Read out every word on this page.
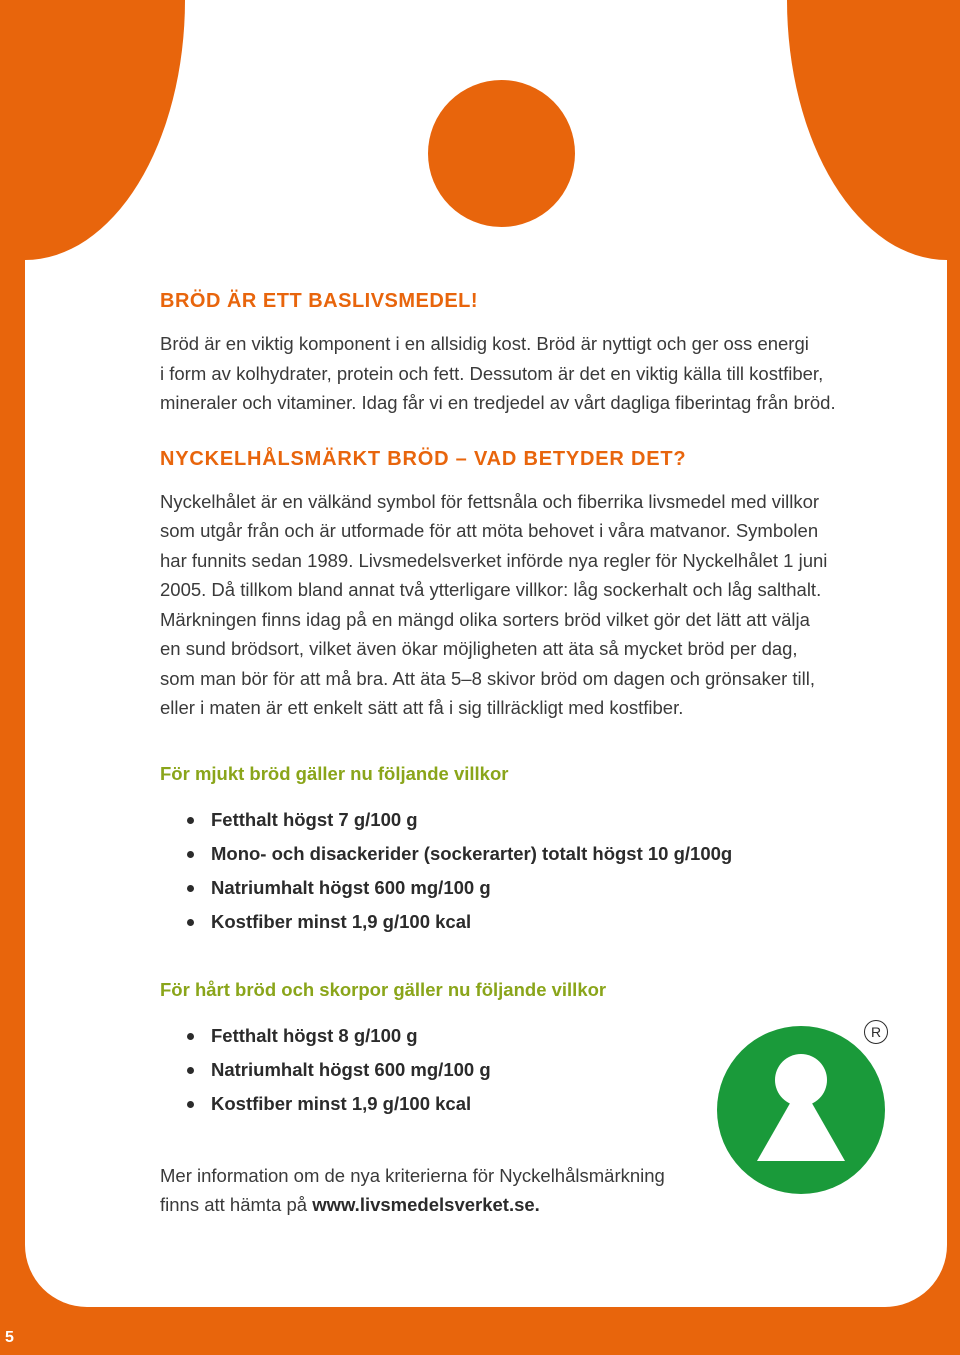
BRÖD ÄR ETT BASLIVSMEDEL!

Bröd är en viktig komponent i en allsidig kost. Bröd är nyttigt och ger oss energi
i form av kolhydrater, protein och fett. Dessutom är det en viktig källa till kostfiber,
mineraler och vitaminer. Idag får vi en tredjedel av vårt dagliga fiberintag från bröd.

NYCKELHÅLSMÄRKT BRÖD – VAD BETYDER DET?

Nyckelhålet är en välkänd symbol för fettsnåla och fiberrika livsmedel med villkor
som utgår från och är utformade för att möta behovet i våra matvanor. Symbolen
har funnits sedan 1989. Livsmedelsverket införde nya regler för Nyckelhålet 1 juni
2005. Då tillkom bland annat två ytterligare villkor: låg sockerhalt och låg salthalt.
Märkningen finns idag på en mängd olika sorters bröd vilket gör det lätt att välja
en sund brödsort, vilket även ökar möjligheten att äta så mycket bröd per dag,
som man bör för att må bra. Att äta 5–8 skivor bröd om dagen och grönsaker till,
eller i maten är ett enkelt sätt att få i sig tillräckligt med kostfiber.

För mjukt bröd gäller nu följande villkor
Fetthalt högst 7 g/100 g
Mono- och disackerider (sockerarter) totalt högst 10 g/100g
Natriumhalt högst 600 mg/100 g
Kostfiber minst 1,9 g/100 kcal
För hårt bröd och skorpor gäller nu följande villkor
Fetthalt högst 8 g/100 g
Natriumhalt högst 600 mg/100 g
Kostfiber minst 1,9 g/100 kcal

Mer information om de nya kriterierna för Nyckelhålsmärkning
finns att hämta på www.livsmedelsverket.se.

R
5
